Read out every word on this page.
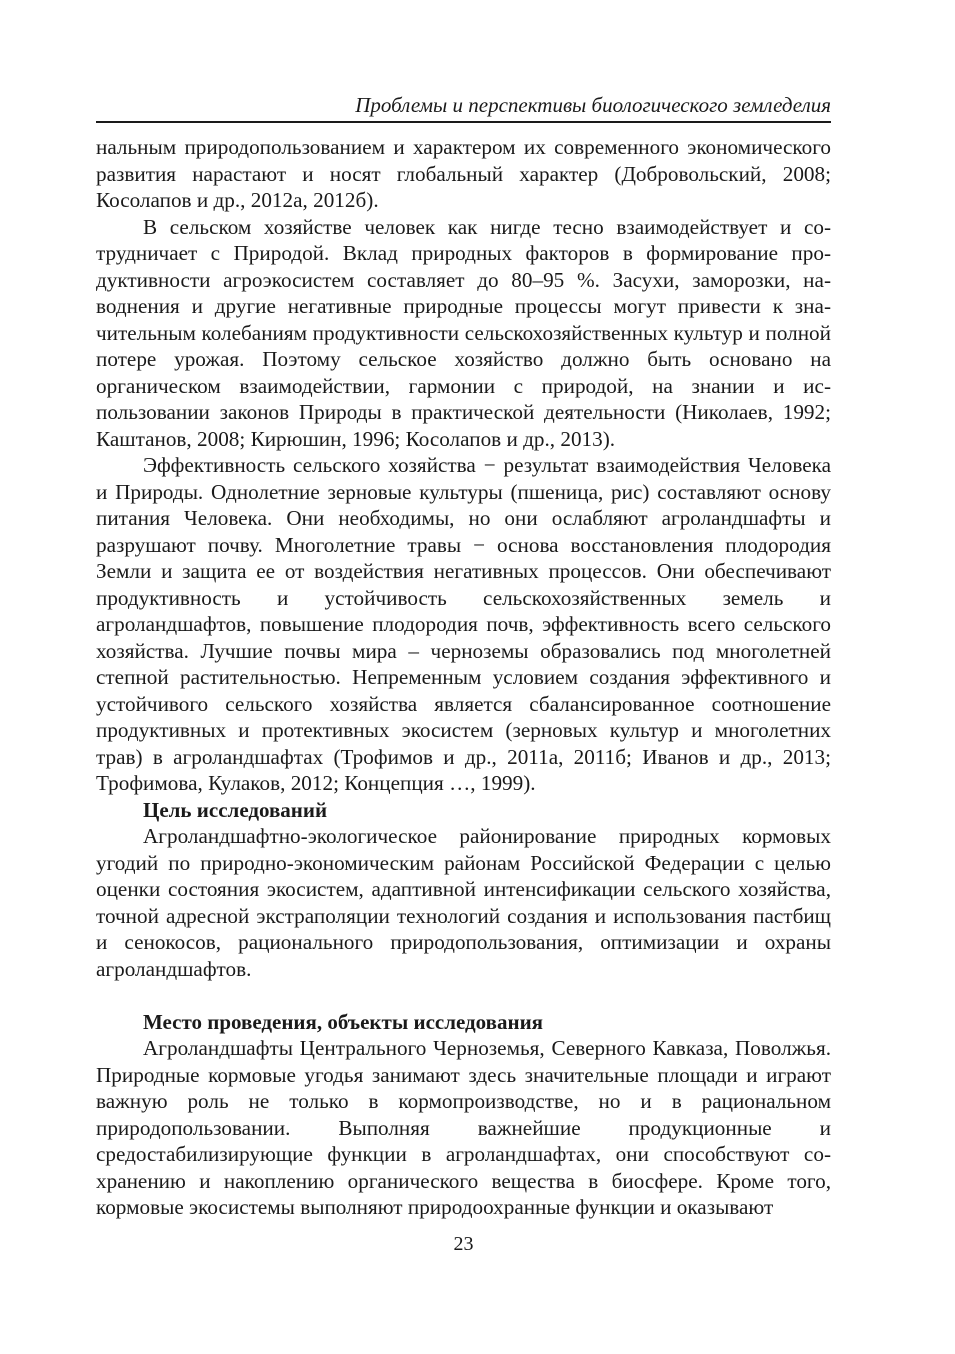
Проблемы и перспективы биологического земледелия

нальным природопользованием и характером их современного экономического развития нарастают и носят глобальный характер (Добровольский, 2008; Косолапов и др., 2012а, 2012б).

В сельском хозяйстве человек как нигде тесно взаимодействует и сотрудничает с Природой. Вклад природных факторов в формирование продуктивности агроэкосистем составляет до 80–95 %. Засухи, заморозки, наводнения и другие негативные природные процессы могут привести к значительным колебаниям продуктивности сельскохозяйственных культур и полной потере урожая. Поэтому сельское хозяйство должно быть основано на органическом взаимодействии, гармонии с природой, на знании и использовании законов Природы в практической деятельности (Николаев, 1992; Каштанов, 2008; Кирюшин, 1996; Косолапов и др., 2013).

Эффективность сельского хозяйства − результат взаимодействия Человека и Природы. Однолетние зерновые культуры (пшеница, рис) составляют основу питания Человека. Они необходимы, но они ослабляют агроландшафты и разрушают почву. Многолетние травы − основа восстановления плодородия Земли и защита ее от воздействия негативных процессов. Они обеспечивают продуктивность и устойчивость сельскохозяйственных земель и агроландшафтов, повышение плодородия почв, эффективность всего сельского хозяйства. Лучшие почвы мира – черноземы образовались под многолетней степной растительностью. Непременным условием создания эффективного и устойчивого сельского хозяйства является сбалансированное соотношение продуктивных и протективных экосистем (зерновых культур и многолетних трав) в агроландшафтах (Трофимов и др., 2011а, 2011б; Иванов и др., 2013; Трофимова, Кулаков, 2012; Концепция …, 1999).

Цель исследований

Агроландшафтно-экологическое районирование природных кормовых угодий по природно-экономическим районам Российской Федерации с целью оценки состояния экосистем, адаптивной интенсификации сельского хозяйства, точной адресной экстраполяции технологий создания и использования пастбищ и сенокосов, рационального природопользования, оптимизации и охраны агроландшафтов.

Место проведения, объекты исследования

Агроландшафты Центрального Черноземья, Северного Кавказа, Поволжья. Природные кормовые угодья занимают здесь значительные площади и играют важную роль не только в кормопроизводстве, но и в рациональном природопользовании. Выполняя важнейшие продукционные и средостабилизирующие функции в агроландшафтах, они способствуют сохранению и накоплению органического вещества в биосфере. Кроме того, кормовые экосистемы выполняют природоохранные функции и оказывают

23
